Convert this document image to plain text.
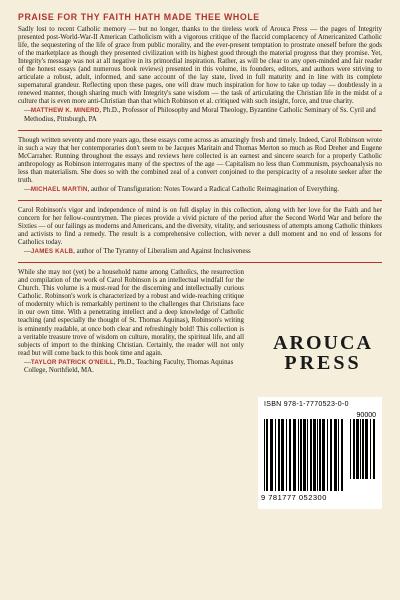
PRAISE FOR THY FAITH HATH MADE THEE WHOLE

Sadly lost to recent Catholic memory — but no longer, thanks to the tireless work of Arouca Press — the pages of Integrity presented post-World-War-II American Catholicism with a vigorous critique of the flaccid complacency of Americanized Catholic life, the sequestering of the life of grace from public morality, and the ever-present temptation to prostrate oneself before the gods of the marketplace as though they presented civilization with its highest good through the material progress that they promise. Yet, Integrity's message was not at all negative in its primordial inspiration. Rather, as will be clear to any open-minded and fair reader of the honest essays (and numerous book reviews) presented in this volume, its founders, editors, and authors were striving to articulate a robust, adult, informed, and sane account of the lay state, lived in full maturity and in line with its complete supernatural grandeur. Reflecting upon these pages, one will draw much inspiration for how to take up today — doubtlessly in a renewed manner, though sharing much with Integrity's sane wisdom — the task of articulating the Christian life in the midst of a culture that is even more anti-Christian than that which Robinson et al. critiqued with such insight, force, and true charity.

—MATTHEW K. MINERD, Ph.D., Professor of Philosophy and Moral Theology, Byzantine Catholic Seminary of Ss. Cyril and Methodius, Pittsburgh, PA

Though written seventy and more years ago, these essays come across as amazingly fresh and timely. Indeed, Carol Robinson wrote in such a way that her contemporaries don't seem to be Jacques Maritain and Thomas Merton so much as Rod Dreher and Eugene McCarraher. Running throughout the essays and reviews here collected is an earnest and sincere search for a properly Catholic anthropology as Robinson interrogates many of the spectres of the age — Capitalism no less than Communism, psychoanalysis no less than materialism. She does so with the combined zeal of a convert conjoined to the perspicacity of a resolute seeker after the truth.

—MICHAEL MARTIN, author of Transfiguration: Notes Toward a Radical Catholic Reimagination of Everything.

Carol Robinson's vigor and independence of mind is on full display in this collection, along with her love for the Faith and her concern for her fellow-countrymen. The pieces provide a vivid picture of the period after the Second World War and before the Sixties — of our failings as moderns and Americans, and the diversity, vitality, and seriousness of attempts among Catholic thinkers and activists to find a remedy. The result is a comprehensive collection, with never a dull moment and no end of lessons for Catholics today.

—JAMES KALB, author of The Tyranny of Liberalism and Against Inclusiveness
AROUCA
PRESS
ISBN 978-1-7770523-0-0
90000
9 781777 052300

While she may not (yet) be a household name among Catholics, the resurrection and compilation of the work of Carol Robinson is an intellectual windfall for the Church. This volume is a must-read for the discerning and intellectually curious Catholic. Robinson's work is characterized by a robust and wide-reaching critique of modernity which is remarkably pertinent to the challenges that Christians face in our own time. With a penetrating intellect and a deep knowledge of Catholic teaching (and especially the thought of St. Thomas Aquinas), Robinson's writing is eminently readable, at once both clear and refreshingly bold! This collection is a veritable treasure trove of wisdom on culture, morality, the spiritual life, and all subjects of import to the thinking Christian. Certainly, the reader will not only read but will come back to this book time and again.

—TAYLOR PATRICK O'NEILL, Ph.D., Teaching Faculty, Thomas Aquinas College, Northfield, MA.
